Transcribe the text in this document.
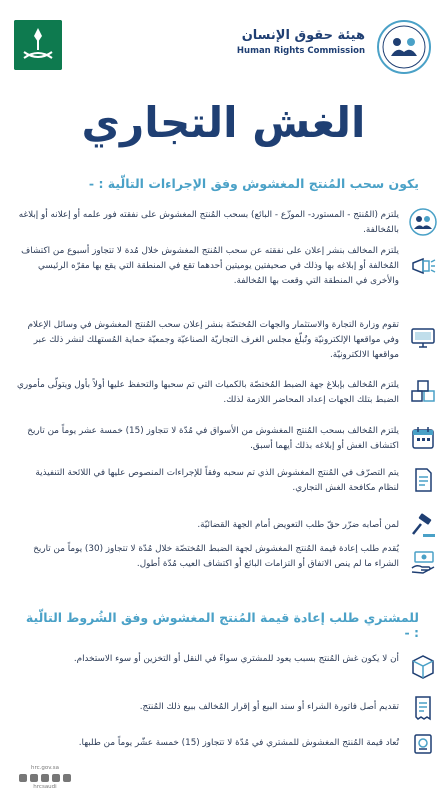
هيئة حقوق الإنسان
Human Rights Commission
الغش التجاري
يكون سحب المُنتج المغشوش وفق الإجراءات التالّية : -
يلتزم (المُنتج - المستورد- الموزّع - البائع) بسحب المُنتج المغشوش على نفقته فور علمه أو إعلانه أو إبلاغه بالمُخالفة.
يلتزم المخالف بنشر إعلان على نفقته عن سحب المُنتج المغشوش خلال مُدة لا تتجاوز أسبوع من اكتشاف المُخالفة أو إبلاغه بها وذلك في صحيفتين يوميتين أحدهما تقع في المنطقة التي يقع بها مقرّه الرئيسي والأخرى في المنطقة التي وقعت بها المُخالفة.
تقوم وزارة التجارة والاستثمار والجهات المُختصّة بنشر إعلان سحب المُنتج المغشوش في وسائل الإعلام وفي مواقعها الإلكترونيّة وتُبلّغ مجلس الغرف التجاريّة الصناعيّة وجمعيّة حماية المُستهلك لنشر ذلك عبر مواقعها الالكترونيّة.
يلتزم المُخالف بإبلاغ جهة الضبط المُختصّة بالكميات التي تم سحبها والتحفظ عليها أولاً بأول ويتولّى مأموري الضبط بتلك الجهات إعداد المحاضر اللازمة لذلك.
يلتزم المُخالف بسحب المُنتج المغشوش من الأسواق في مُدّة لا تتجاوز (15) خمسة عشر يوماً من تاريخ اكتشاف الغش أو إبلاغه بذلك أيهما أسبق.
يتم التصرّف في المُنتج المغشوش الذي تم سحبه وفقاً للإجراءات المنصوص عليها في اللائحة التنفيذية لنظام مكافحة الغش التجاري.
لمن أصابه ضرّر حقّ طلب التعويض أمام الجهة القضائيّة.
يُقدم طلب إعادة قيمة المُنتج المغشوش لجهة الضبط المُختصّة خلال مُدّة لا تتجاوز (30) يوماً من تاريخ الشراء ما لم ينص الاتفاق أو التزامات البائع أو اكتشاف العيب مُدّة أطول.
للمشتري طلب إعادة قيمة المُنتج المغشوش وفق الشُروط التالّية : -
أن لا يكون غش المُنتج بسبب يعود للمشتري سواءً في النقل أو التخزين أو سوء الاستخدام.
تقديم أصل فاتورة الشراء أو سند البيع أو إقرار المُخالف ببيع ذلك المُنتج.
تُعاد قيمة المُنتج المغشوش للمشتري في مُدّة لا تتجاوز (15) خمسة عشّر يوماً من طلبها.
hrc.gov.sa
hrcsaudi
